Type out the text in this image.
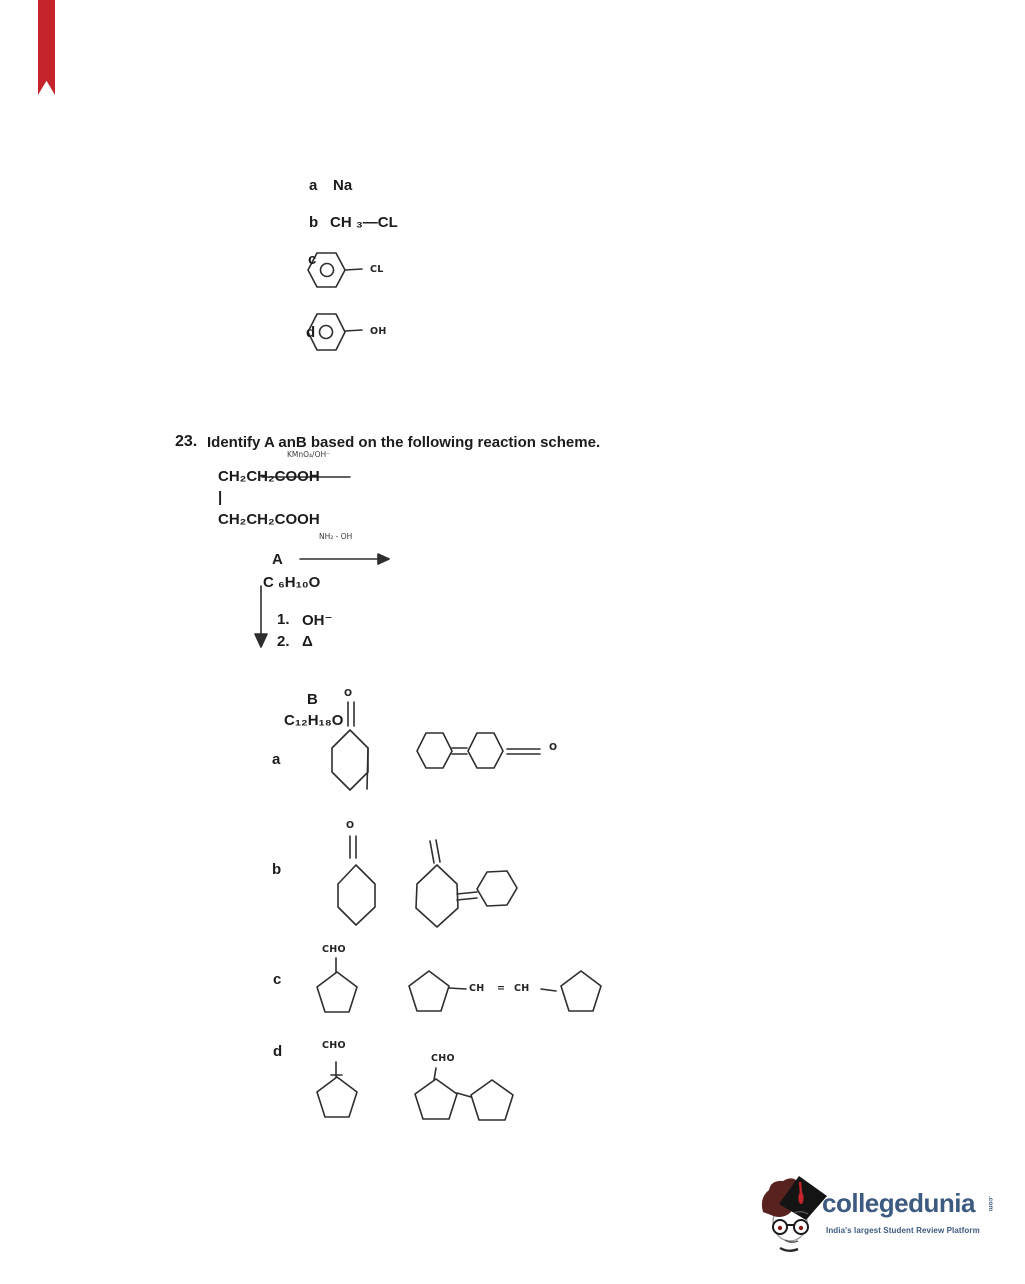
a Na
b CH ₃—CL
c
CL
d	OH
23. Identify A anB based on the following reaction scheme.
KMnO₄/OH⁻
CH₂CH₂COOH
|
CH₂CH₂COOH
NH₂ - OH
A
C ₆H₁₀O
1. OH⁻
2. Δ
B
C₁₂H₁₈O
O
a
O
b
O
CHO
c
CH = CH
d	CHO
CHO
collegedunia .com
India's largest Student Review Platform
